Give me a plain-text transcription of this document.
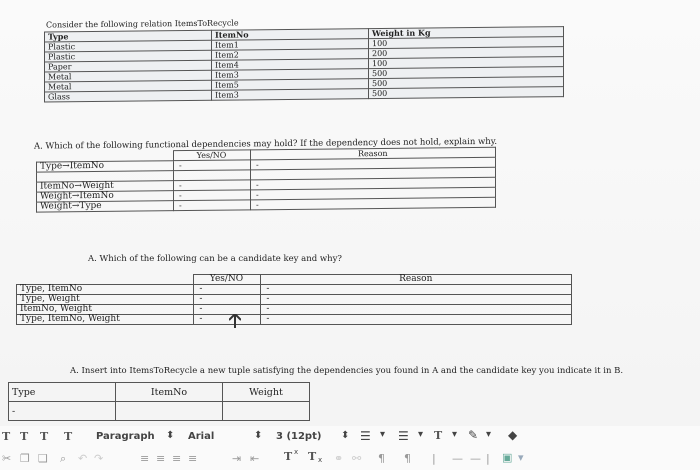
Consider the following relation ItemsToRecycle
Type	ItemNo	Weight in Kg
Plastic	Item1	100
Plastic	Item2	200
Paper	Item4	100
Metal	Item3	500
Metal	Item5	500
Glass	Item3	500
A. Which of the following functional dependencies may hold? If the dependency does not hold, explain why.
	Yes/NO	Reason
Type→ItemNo	-	-

ItemNo→Weight	-	-
Weight→ItemNo	-	-
Weight→Type	-	-
A. Which of the following can be a candidate key and why?
	Yes/NO	Reason
Type, ItemNo	-	-
Type, Weight	-	-
ItemNo, Weight	-	-
Type, ItemNo, Weight	-	-
A. Insert into ItemsToRecycle a new tuple satisfying the dependencies you found in A and the candidate key you indicate it in B.
Type	ItemNo	Weight
-		
T T T T Paragraph ⬍ Arial	⬍ 3 (12pt) ⬍ ☰ ▾ ☰ ▾ T ▾ ✎ ▾ ◆
✂ ❐ ❑ ⌕ ↶ ↷	≡ ≡ ≡ ≡	⇥ ⇤ T x T x ⚭ ⚯ ¶ ¶ | — — | ▣ ▾
